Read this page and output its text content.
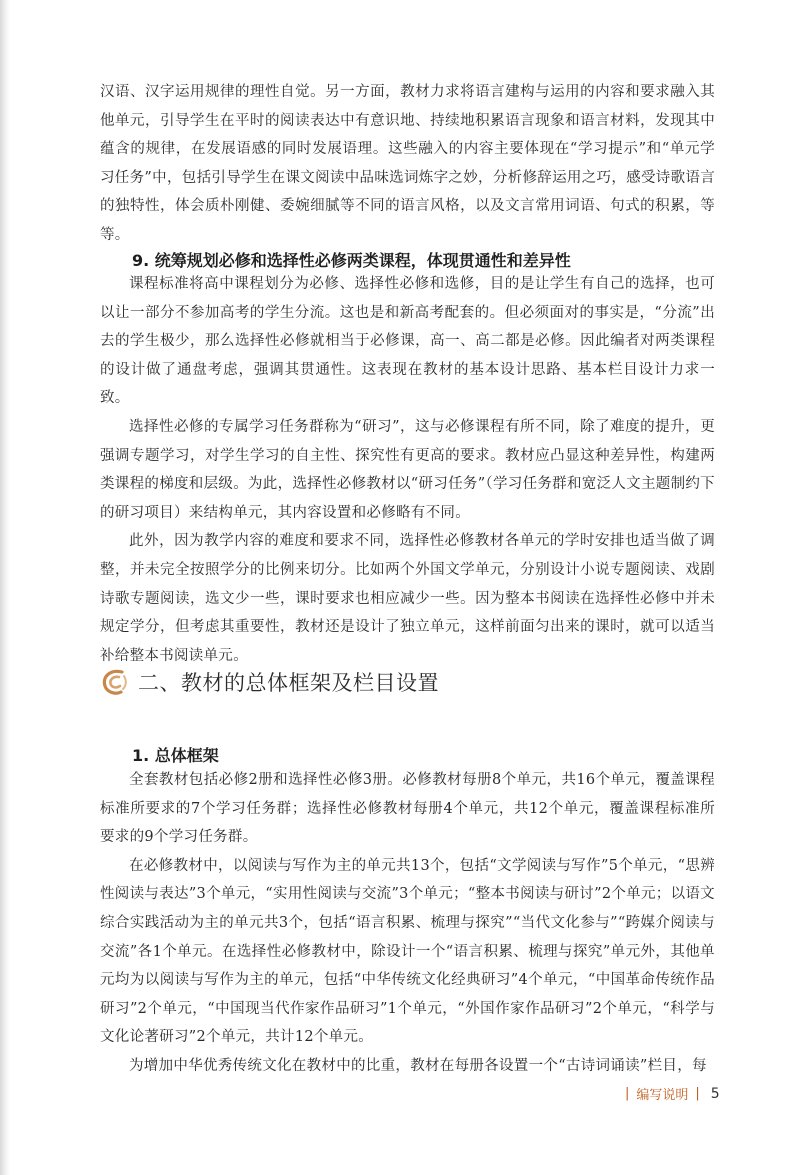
汉语、汉字运用规律的理性自觉。另一方面，教材力求将语言建构与运用的内容和要求融入其他单元，引导学生在平时的阅读表达中有意识地、持续地积累语言现象和语言材料，发现其中蕴含的规律，在发展语感的同时发展语理。这些融入的内容主要体现在“学习提示”和“单元学习任务”中，包括引导学生在课文阅读中品味选词炼字之妙，分析修辞运用之巧，感受诗歌语言的独特性，体会质朴刚健、委婉细腻等不同的语言风格，以及文言常用词语、句式的积累，等等。

9. 统筹规划必修和选择性必修两类课程，体现贯通性和差异性

课程标准将高中课程划分为必修、选择性必修和选修，目的是让学生有自己的选择，也可以让一部分不参加高考的学生分流。这也是和新高考配套的。但必须面对的事实是，“分流”出去的学生极少，那么选择性必修就相当于必修课，高一、高二都是必修。因此编者对两类课程的设计做了通盘考虑，强调其贯通性。这表现在教材的基本设计思路、基本栏目设计力求一致。

选择性必修的专属学习任务群称为“研习”，这与必修课程有所不同，除了难度的提升，更强调专题学习，对学生学习的自主性、探究性有更高的要求。教材应凸显这种差异性，构建两类课程的梯度和层级。为此，选择性必修教材以“研习任务”（学习任务群和宽泛人文主题制约下的研习项目）来结构单元，其内容设置和必修略有不同。

此外，因为教学内容的难度和要求不同，选择性必修教材各单元的学时安排也适当做了调整，并未完全按照学分的比例来切分。比如两个外国文学单元，分别设计小说专题阅读、戏剧诗歌专题阅读，选文少一些，课时要求也相应减少一些。因为整本书阅读在选择性必修中并未规定学分，但考虑其重要性，教材还是设计了独立单元，这样前面匀出来的课时，就可以适当补给整本书阅读单元。

二、教材的总体框架及栏目设置
1. 总体框架

全套教材包括必修2册和选择性必修3册。必修教材每册8个单元，共16个单元，覆盖课程标准所要求的7个学习任务群；选择性必修教材每册4个单元，共12个单元，覆盖课程标准所要求的9个学习任务群。

在必修教材中，以阅读与写作为主的单元共13个，包括“文学阅读与写作”5个单元，“思辨性阅读与表达”3个单元，“实用性阅读与交流”3个单元；“整本书阅读与研讨”2个单元；以语文综合实践活动为主的单元共3个，包括“语言积累、梳理与探究”“当代文化参与”“跨媒介阅读与交流”各1个单元。在选择性必修教材中，除设计一个“语言积累、梳理与探究”单元外，其他单元均为以阅读与写作为主的单元，包括“中华传统文化经典研习”4个单元，“中国革命传统作品研习”2个单元，“中国现当代作家作品研习”1个单元，“外国作家作品研习”2个单元，“科学与文化论著研习”2个单元，共计12个单元。

为增加中华优秀传统文化在教材中的比重，教材在每册各设置一个“古诗词诵读”栏目，每

| 编写说明 | 5
